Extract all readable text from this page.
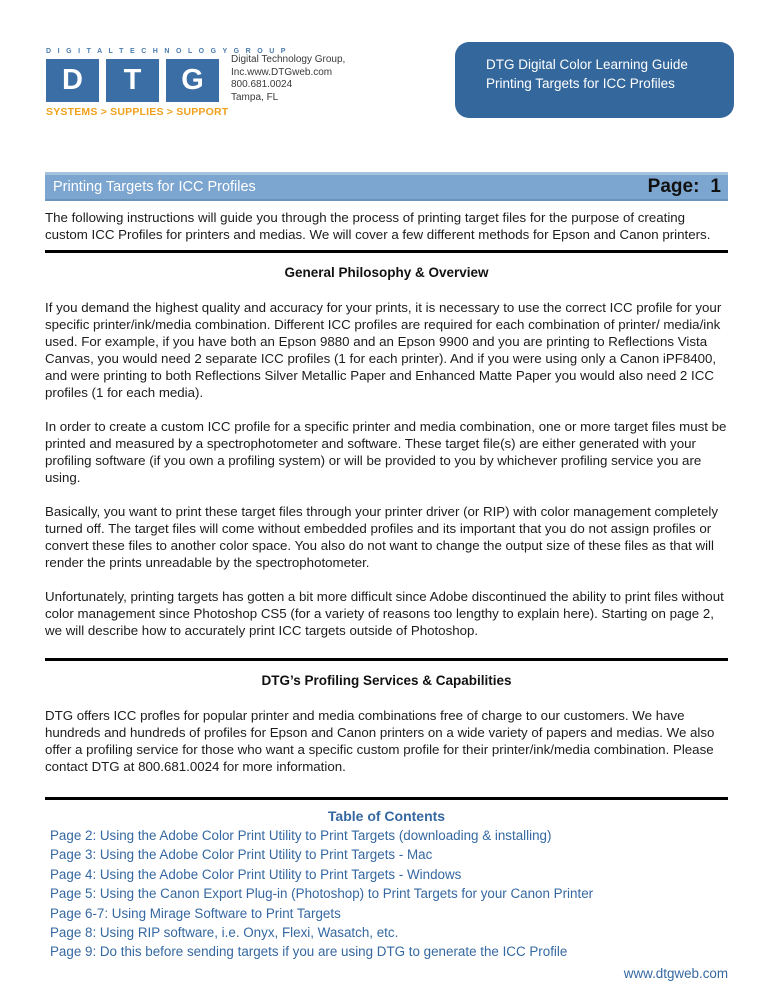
D I G I T A L T E C H N O L O G Y G R O U P
D	T	G
SYSTEMS > SUPPLIES > SUPPORT
Digital Technology Group,
Inc.www.DTGweb.com
800.681.0024
Tampa, FL
DTG Digital Color Learning Guide
Printing Targets for ICC Profiles
Printing Targets for ICC Profiles	Page: 1

The following instructions will guide you through the process of printing target files for the purpose of creating custom ICC Profiles for printers and medias. We will cover a few different methods for Epson and Canon printers.

General Philosophy & Overview

If you demand the highest quality and accuracy for your prints, it is necessary to use the correct ICC profile for your specific printer/ink/media combination. Different ICC profiles are required for each combination of printer/ media/ink used. For example, if you have both an Epson 9880 and an Epson 9900 and you are printing to Reflections Vista Canvas, you would need 2 separate ICC profiles (1 for each printer). And if you were using only a Canon iPF8400, and were printing to both Reflections Silver Metallic Paper and Enhanced Matte Paper you would also need 2 ICC profiles (1 for each media).

In order to create a custom ICC profile for a specific printer and media combination, one or more target files must be printed and measured by a spectrophotometer and software. These target file(s) are either generated with your profiling software (if you own a profiling system) or will be provided to you by whichever profiling service you are using.

Basically, you want to print these target files through your printer driver (or RIP) with color management completely turned off. The target files will come without embedded profiles and its important that you do not assign profiles or convert these files to another color space. You also do not want to change the output size of these files as that will render the prints unreadable by the spectrophotometer.

Unfortunately, printing targets has gotten a bit more difficult since Adobe discontinued the ability to print files without color management since Photoshop CS5 (for a variety of reasons too lengthy to explain here). Starting on page 2, we will describe how to accurately print ICC targets outside of Photoshop.

DTG’s Profiling Services & Capabilities

DTG offers ICC profles for popular printer and media combinations free of charge to our customers. We have hundreds and hundreds of profiles for Epson and Canon printers on a wide variety of papers and medias. We also offer a profiling service for those who want a specific custom profile for their printer/ink/media combination. Please contact DTG at 800.681.0024 for more information.

Table of Contents
Page 2: Using the Adobe Color Print Utility to Print Targets (downloading & installing)
Page 3: Using the Adobe Color Print Utility to Print Targets - Mac
Page 4: Using the Adobe Color Print Utility to Print Targets - Windows
Page 5: Using the Canon Export Plug-in (Photoshop) to Print Targets for your Canon Printer
Page 6-7: Using Mirage Software to Print Targets
Page 8: Using RIP software, i.e. Onyx, Flexi, Wasatch, etc.
Page 9: Do this before sending targets if you are using DTG to generate the ICC Profile
www.dtgweb.com
